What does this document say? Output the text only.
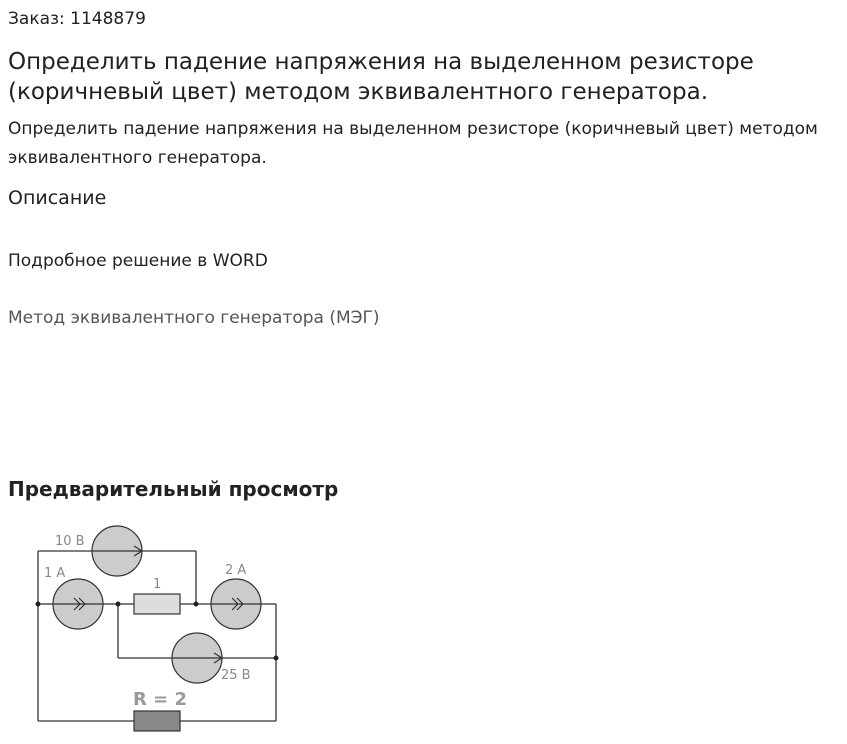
Заказ: 1148879

Определить падение напряжения на выделенном резисторе (коричневый цвет) методом эквивалентного генератора.

Определить падение напряжения на выделенном резисторе (коричневый цвет) методом эквивалентного генератора.

Описание

Подробное решение в WORD

Метод эквивалентного генератора (МЭГ)
Предварительный просмотр
10 В
1 А
1
2 А
25 В
R = 2
